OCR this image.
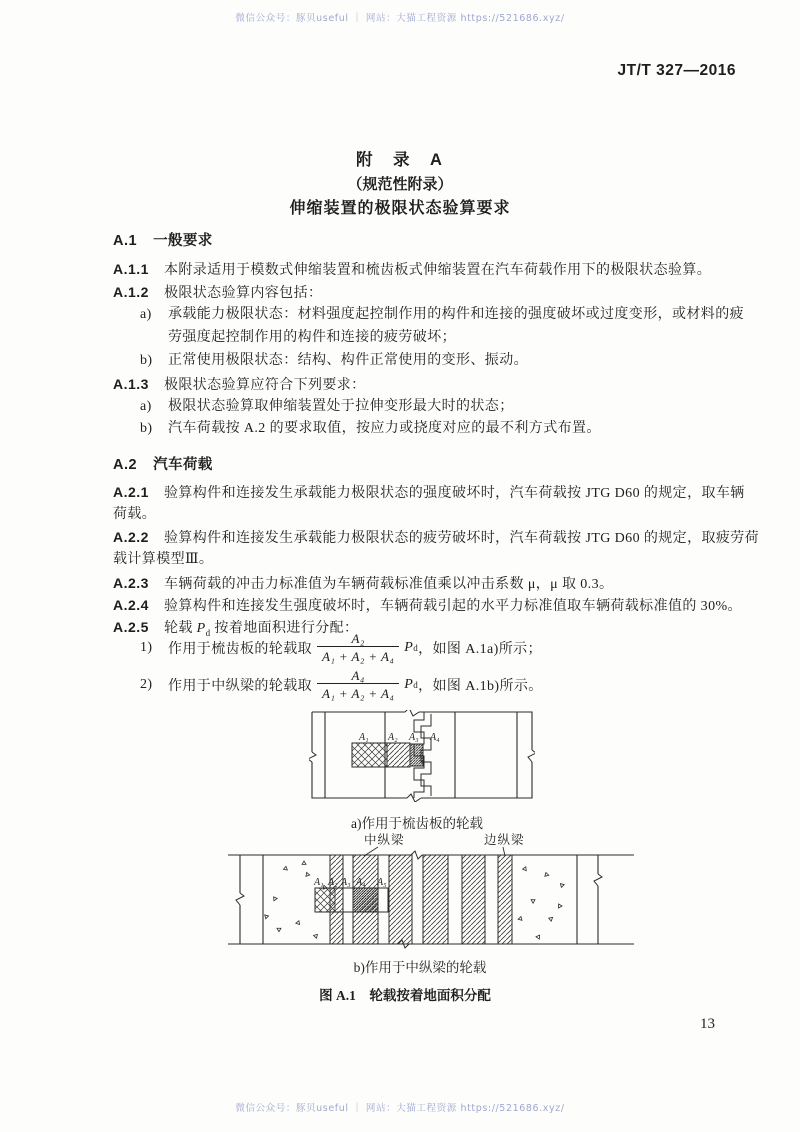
微信公众号：豚贝useful ｜ 网站：大猫工程资源 https://521686.xyz/
微信公众号：豚贝useful ｜ 网站：大猫工程资源 https://521686.xyz/
JT/T 327—2016
附　录　A
（规范性附录）
伸缩装置的极限状态验算要求
A.1 一般要求
A.1.1 本附录适用于模数式伸缩装置和梳齿板式伸缩装置在汽车荷载作用下的极限状态验算。
A.1.2 极限状态验算内容包括：
a) 承载能力极限状态：材料强度起控制作用的构件和连接的强度破坏或过度变形，或材料的疲
劳强度起控制作用的构件和连接的疲劳破坏；
b) 正常使用极限状态：结构、构件正常使用的变形、振动。
A.1.3 极限状态验算应符合下列要求：
a) 极限状态验算取伸缩装置处于拉伸变形最大时的状态；
b) 汽车荷载按 A.2 的要求取值，按应力或挠度对应的最不利方式布置。
A.2 汽车荷载
A.2.1 验算构件和连接发生承载能力极限状态的强度破坏时，汽车荷载按 JTG D60 的规定，取车辆
荷载。
A.2.2 验算构件和连接发生承载能力极限状态的疲劳破坏时，汽车荷载按 JTG D60 的规定，取疲劳荷
载计算模型Ⅲ。
A.2.3 车辆荷载的冲击力标准值为车辆荷载标准值乘以冲击系数 μ，μ 取 0.3。
A.2.4 验算构件和连接发生强度破坏时，车辆荷载引起的水平力标准值取车辆荷载标准值的 30%。
A.2.5 轮载 $P_d$ 按着地面积进行分配：
1)	作用于梳齿板的轮载取 $\frac{\text{A₂}}{\text{A₁ + A₂ + A₄}}$ P d ，如图 A.1a)所示；
2)	作用于中纵梁的轮载取 $\frac{\text{A₄}}{\text{A₁ + A₂ + A₄}}$ P d ，如图 A.1b)所示。
A₁ A₂ A₃ A₄
a)作用于梳齿板的轮载
A₁ A₂ A₃ A₄ A₅
中纵梁	边纵梁
b)作用于中纵梁的轮载
图 A.1　轮载按着地面积分配
13
